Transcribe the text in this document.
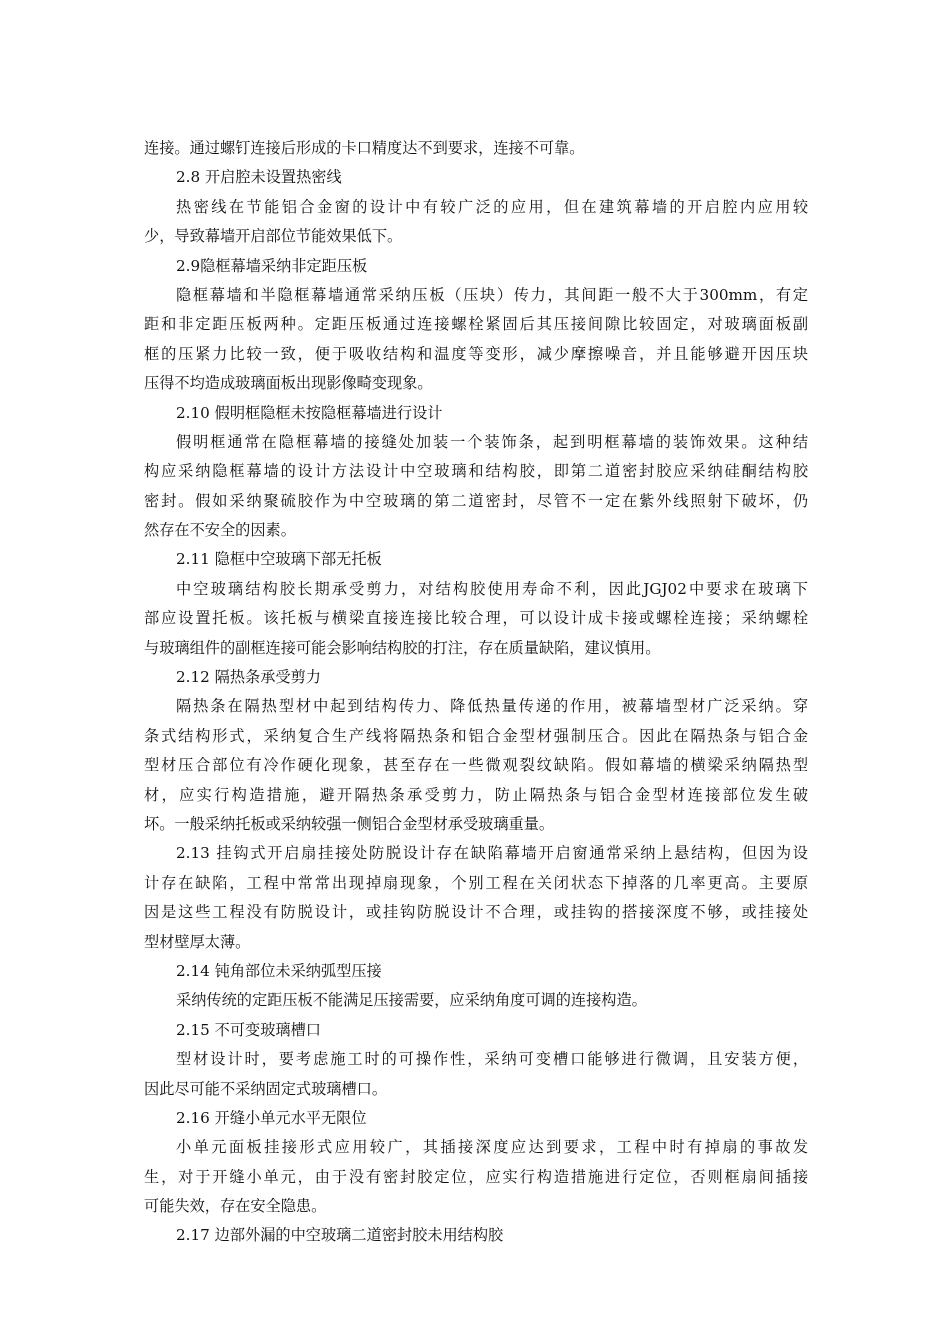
连接。通过螺钉连接后形成的卡口精度达不到要求，连接不可靠。
2.8 开启腔未设置热密线
热密线在节能铝合金窗的设计中有较广泛的应用，但在建筑幕墙的开启腔内应用较
少，导致幕墙开启部位节能效果低下。
2.9隐框幕墙采纳非定距压板
隐框幕墙和半隐框幕墙通常采纳压板（压块）传力，其间距一般不大于300mm，有定
距和非定距压板两种。定距压板通过连接螺栓紧固后其压接间隙比较固定，对玻璃面板副
框的压紧力比较一致，便于吸收结构和温度等变形，减少摩擦噪音，并且能够避开因压块
压得不均造成玻璃面板出现影像畸变现象。
2.10 假明框隐框未按隐框幕墙进行设计
假明框通常在隐框幕墙的接缝处加装一个装饰条，起到明框幕墙的装饰效果。这种结
构应采纳隐框幕墙的设计方法设计中空玻璃和结构胶，即第二道密封胶应采纳硅酮结构胶
密封。假如采纳聚硫胶作为中空玻璃的第二道密封，尽管不一定在紫外线照射下破坏，仍
然存在不安全的因素。
2.11 隐框中空玻璃下部无托板
中空玻璃结构胶长期承受剪力，对结构胶使用寿命不利，因此JGJ02中要求在玻璃下
部应设置托板。该托板与横梁直接连接比较合理，可以设计成卡接或螺栓连接；采纳螺栓
与玻璃组件的副框连接可能会影响结构胶的打注，存在质量缺陷，建议慎用。
2.12 隔热条承受剪力
隔热条在隔热型材中起到结构传力、降低热量传递的作用，被幕墙型材广泛采纳。穿
条式结构形式，采纳复合生产线将隔热条和铝合金型材强制压合。因此在隔热条与铝合金
型材压合部位有冷作硬化现象，甚至存在一些微观裂纹缺陷。假如幕墙的横梁采纳隔热型
材，应实行构造措施，避开隔热条承受剪力，防止隔热条与铝合金型材连接部位发生破
坏。一般采纳托板或采纳较强一侧铝合金型材承受玻璃重量。
2.13 挂钩式开启扇挂接处防脱设计存在缺陷幕墙开启窗通常采纳上悬结构，但因为设
计存在缺陷，工程中常常出现掉扇现象，个别工程在关闭状态下掉落的几率更高。主要原
因是这些工程没有防脱设计，或挂钩防脱设计不合理，或挂钩的搭接深度不够，或挂接处
型材壁厚太薄。
2.14 钝角部位未采纳弧型压接
采纳传统的定距压板不能满足压接需要，应采纳角度可调的连接构造。
2.15 不可变玻璃槽口
型材设计时，要考虑施工时的可操作性，采纳可变槽口能够进行微调，且安装方便，
因此尽可能不采纳固定式玻璃槽口。
2.16 开缝小单元水平无限位
小单元面板挂接形式应用较广，其插接深度应达到要求，工程中时有掉扇的事故发
生，对于开缝小单元，由于没有密封胶定位，应实行构造措施进行定位，否则框扇间插接
可能失效，存在安全隐患。
2.17 边部外漏的中空玻璃二道密封胶未用结构胶
